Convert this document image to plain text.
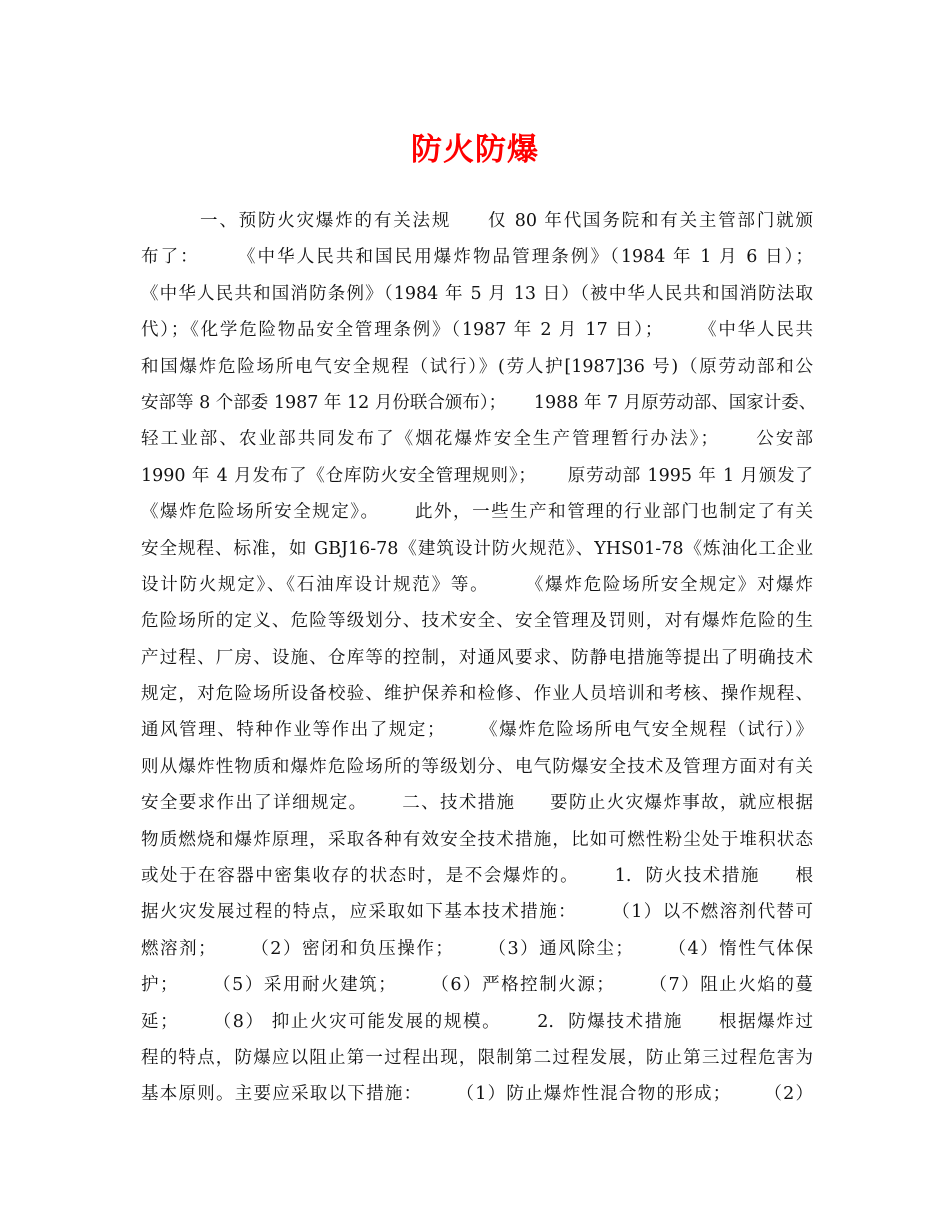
防火防爆
一、预防火灾爆炸的有关法规     仅 80 年代国务院和有关主管部门就颁
布了：     《中华人民共和国民用爆炸物品管理条例》（1984 年 1 月 6 日）；
《中华人民共和国消防条例》（1984 年 5 月 13 日）（被中华人民共和国消防法取
代）；《化学危险物品安全管理条例》（1987 年 2 月 17 日）；     《中华人民共
和国爆炸危险场所电气安全规程（试行）》(劳人护[1987]36 号)（原劳动部和公
安部等 8 个部委 1987 年 12 月份联合颁布）；     1988 年 7 月原劳动部、国家计委、
轻工业部、农业部共同发布了《烟花爆炸安全生产管理暂行办法》；     公安部
1990 年 4 月发布了《仓库防火安全管理规则》；     原劳动部 1995 年 1 月颁发了
《爆炸危险场所安全规定》。     此外，一些生产和管理的行业部门也制定了有关
安全规程、标准，如 GBJ16-78《建筑设计防火规范》、YHS01-78《炼油化工企业
设计防火规定》、《石油库设计规范》等。     《爆炸危险场所安全规定》对爆炸
危险场所的定义、危险等级划分、技术安全、安全管理及罚则，对有爆炸危险的生
产过程、厂房、设施、仓库等的控制，对通风要求、防静电措施等提出了明确技术
规定，对危险场所设备校验、维护保养和检修、作业人员培训和考核、操作规程、
通风管理、特种作业等作出了规定；     《爆炸危险场所电气安全规程（试行）》
则从爆炸性物质和爆炸危险场所的等级划分、电气防爆安全技术及管理方面对有关
安全要求作出了详细规定。     二、技术措施     要防止火灾爆炸事故，就应根据
物质燃烧和爆炸原理，采取各种有效安全技术措施，比如可燃性粉尘处于堆积状态
或处于在容器中密集收存的状态时，是不会爆炸的。     1.  防火技术措施     根
据火灾发展过程的特点，应采取如下基本技术措施：     （1）以不燃溶剂代替可
燃溶剂；     （2）密闭和负压操作；     （3）通风除尘；     （4）惰性气体保
护；     （5）采用耐火建筑；     （6）严格控制火源；     （7）阻止火焰的蔓
延；     （8） 抑止火灾可能发展的规模。     2.  防爆技术措施     根据爆炸过
程的特点，防爆应以阻止第一过程出现，限制第二过程发展，防止第三过程危害为
基本原则。主要应采取以下措施：     （1）防止爆炸性混合物的形成；     （2）
